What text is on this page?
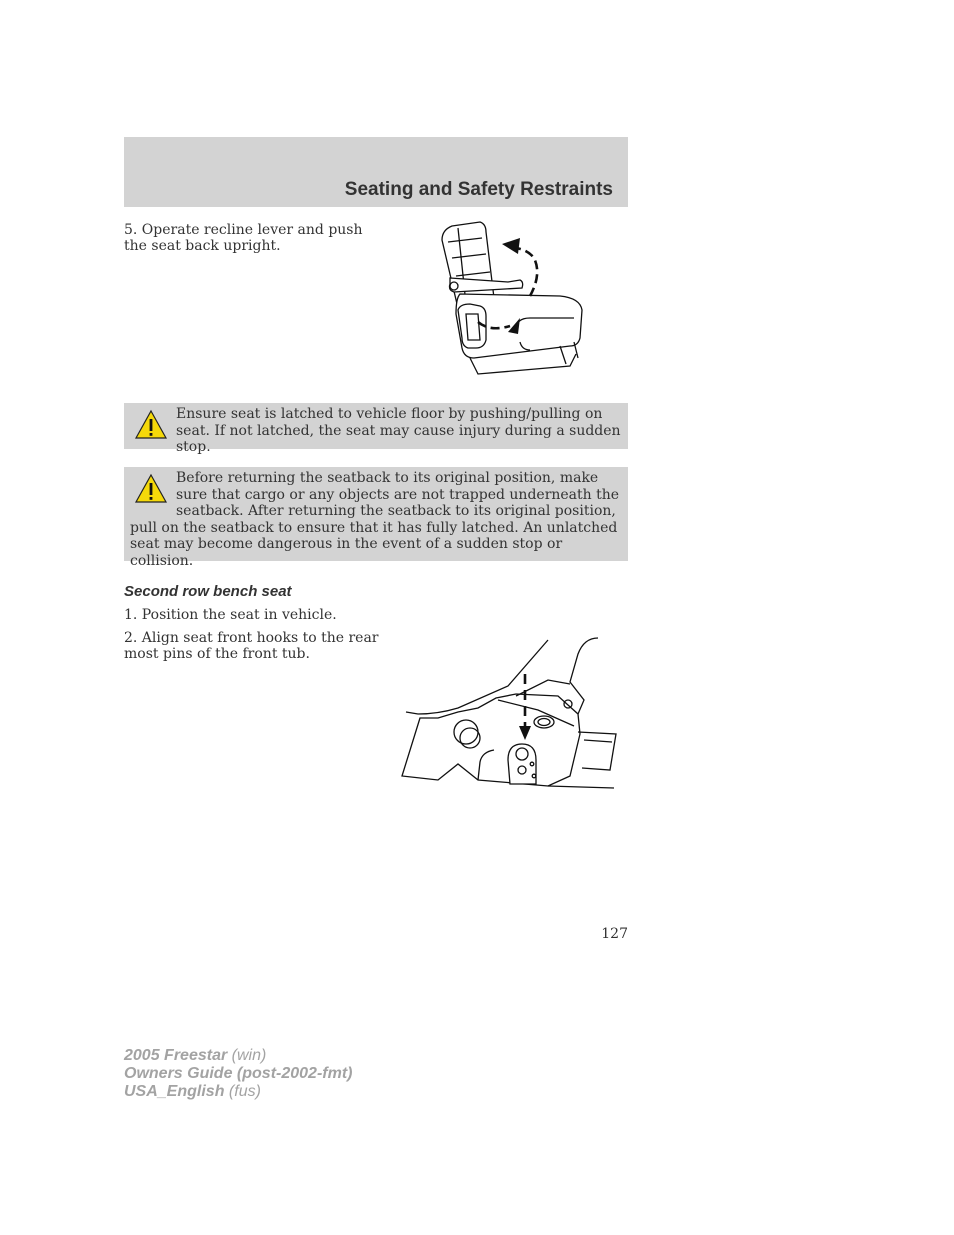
Seating and Safety Restraints
5. Operate recline lever and push the seat back upright.

Ensure seat is latched to vehicle floor by pushing/pulling on seat. If not latched, the seat may cause injury during a sudden stop.

Before returning the seatback to its original position, make sure that cargo or any objects are not trapped underneath the seatback. After returning the seatback to its original position, pull on the seatback to ensure that it has fully latched. An unlatched seat may become dangerous in the event of a sudden stop or collision.

Second row bench seat
1. Position the seat in vehicle.
2. Align seat front hooks to the rear most pins of the front tub.
127
2005 Freestar (win)
Owners Guide (post-2002-fmt)
USA_English (fus)
